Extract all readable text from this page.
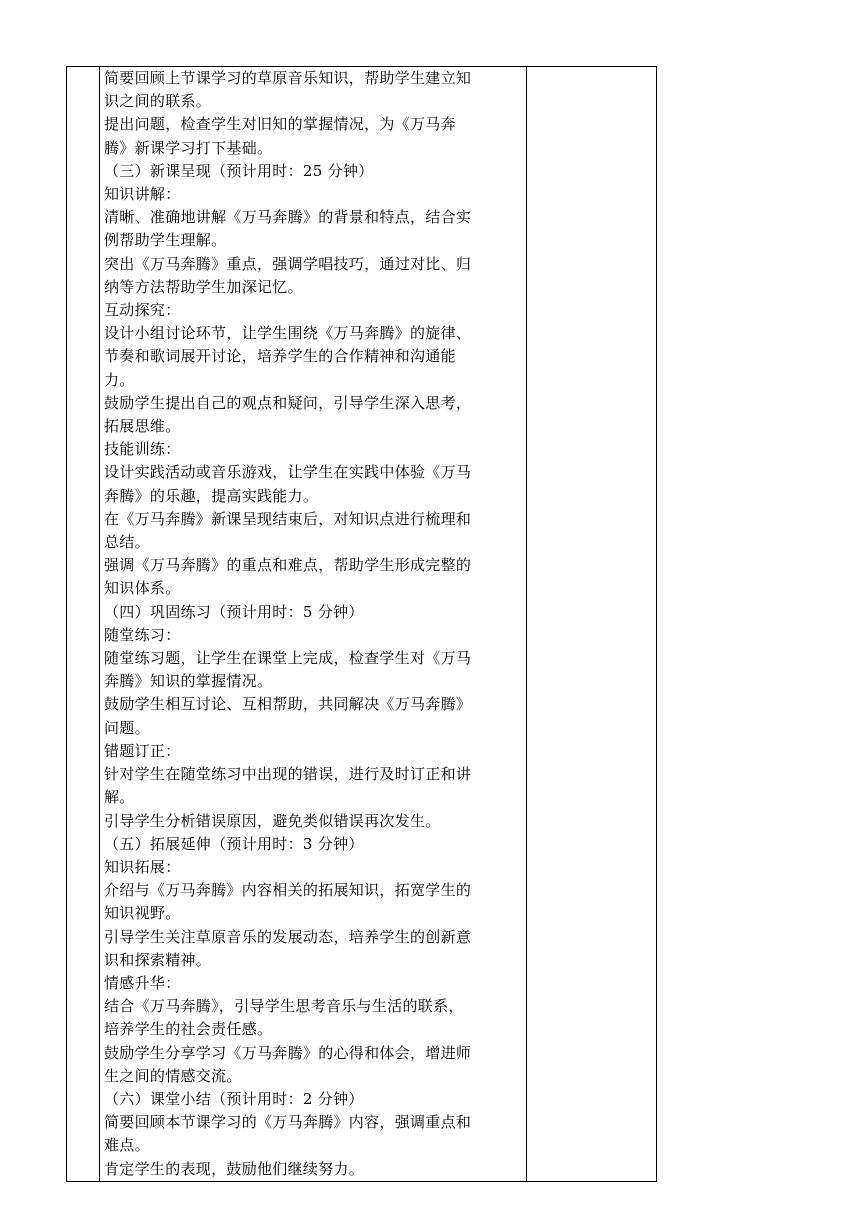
简要回顾上节课学习的草原音乐知识，帮助学生建立知
识之间的联系。
提出问题，检查学生对旧知的掌握情况，为《万马奔
腾》新课学习打下基础。
（三）新课呈现（预计用时：25 分钟）
知识讲解：
清晰、准确地讲解《万马奔腾》的背景和特点，结合实
例帮助学生理解。
突出《万马奔腾》重点，强调学唱技巧，通过对比、归
纳等方法帮助学生加深记忆。
互动探究：
设计小组讨论环节，让学生围绕《万马奔腾》的旋律、
节奏和歌词展开讨论，培养学生的合作精神和沟通能
力。
鼓励学生提出自己的观点和疑问，引导学生深入思考，
拓展思维。
技能训练：
设计实践活动或音乐游戏，让学生在实践中体验《万马
奔腾》的乐趣，提高实践能力。
在《万马奔腾》新课呈现结束后，对知识点进行梳理和
总结。
强调《万马奔腾》的重点和难点，帮助学生形成完整的
知识体系。
（四）巩固练习（预计用时：5 分钟）
随堂练习：
随堂练习题，让学生在课堂上完成，检查学生对《万马
奔腾》知识的掌握情况。
鼓励学生相互讨论、互相帮助，共同解决《万马奔腾》
问题。
错题订正：
针对学生在随堂练习中出现的错误，进行及时订正和讲
解。
引导学生分析错误原因，避免类似错误再次发生。
（五）拓展延伸（预计用时：3 分钟）
知识拓展：
介绍与《万马奔腾》内容相关的拓展知识，拓宽学生的
知识视野。
引导学生关注草原音乐的发展动态，培养学生的创新意
识和探索精神。
情感升华：
结合《万马奔腾》，引导学生思考音乐与生活的联系，
培养学生的社会责任感。
鼓励学生分享学习《万马奔腾》的心得和体会，增进师
生之间的情感交流。
（六）课堂小结（预计用时：2 分钟）
简要回顾本节课学习的《万马奔腾》内容，强调重点和
难点。
肯定学生的表现，鼓励他们继续努力。
